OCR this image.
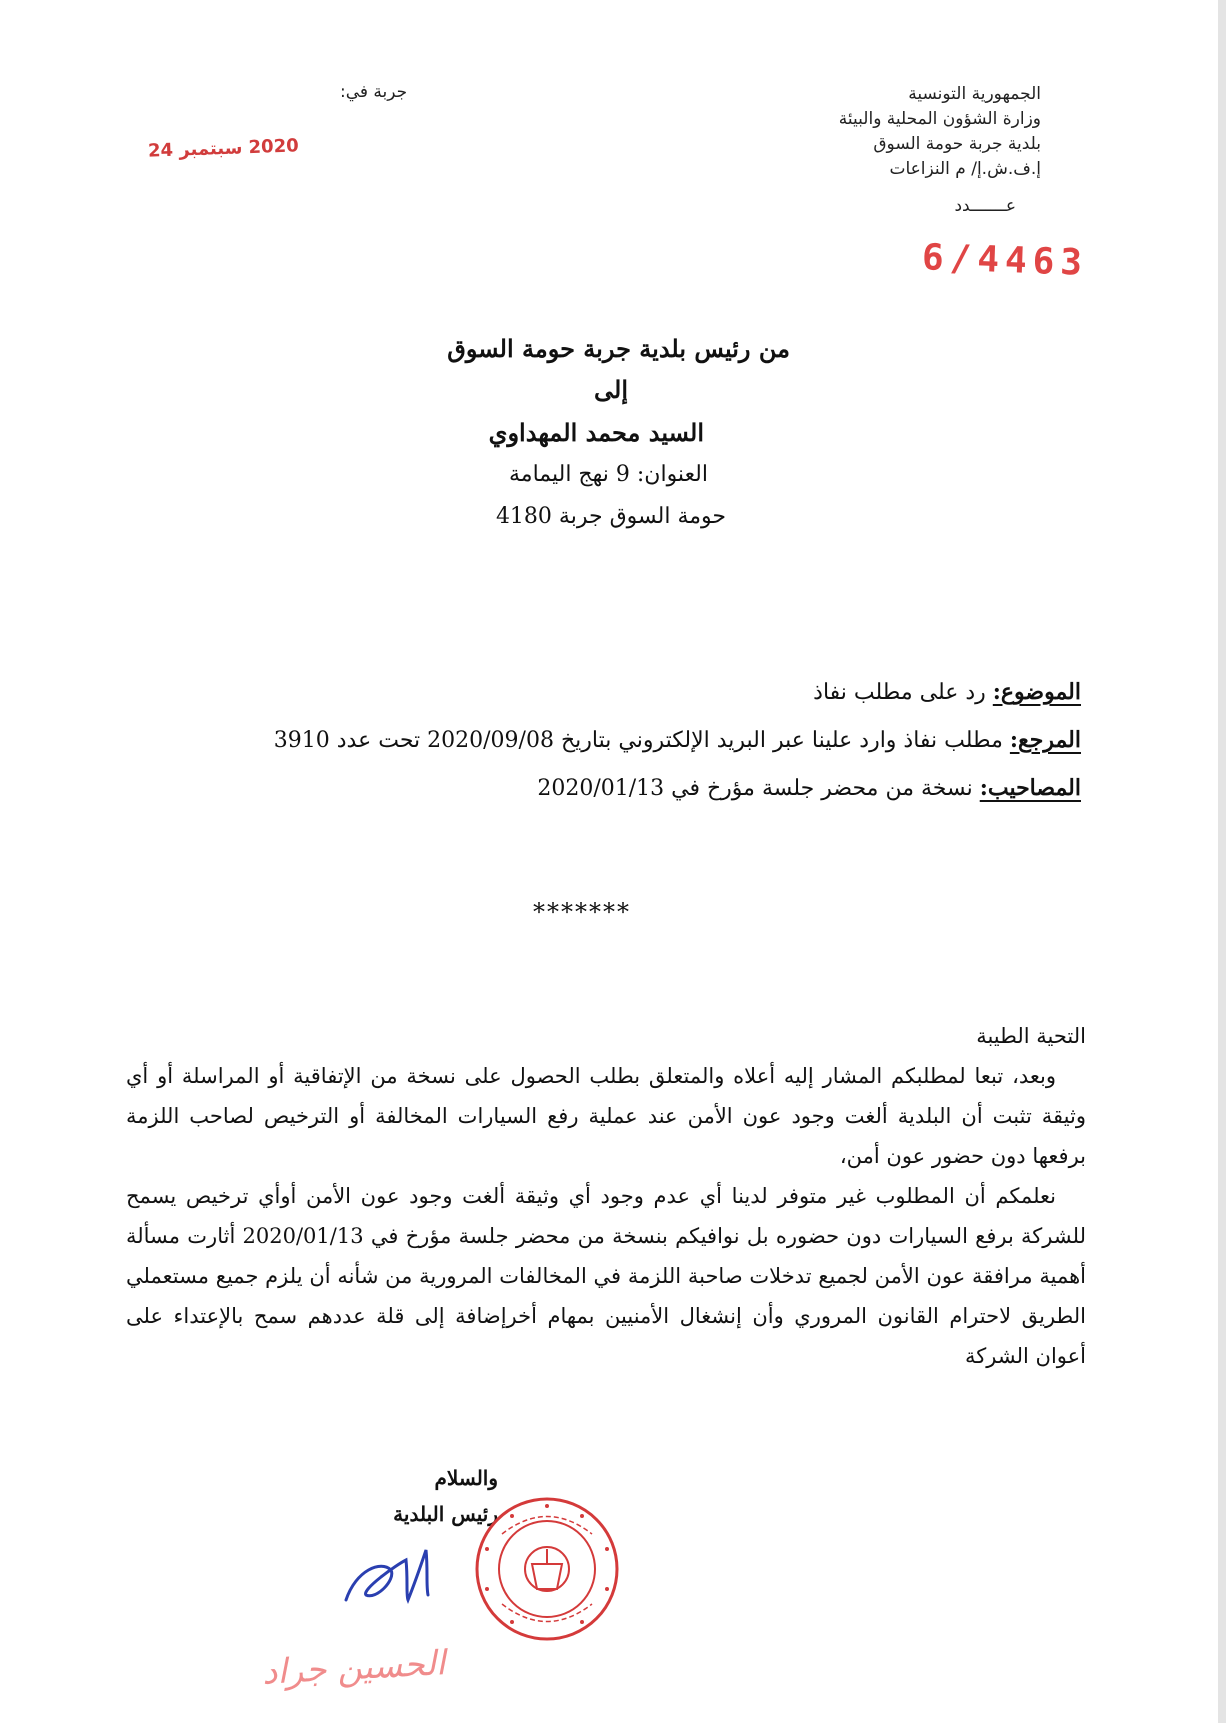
الجمهورية التونسية
وزارة الشؤون المحلية والبيئة
بلدية جربة حومة السوق
إ.ف.ش.إ/ م النزاعات
عـــــــدد
6/4463
جربة في:
2020 سبتمبر 24
من رئيس بلدية جربة حومة السوق
إلى
السيد محمد المهداوي
العنوان: 9 نهج اليمامة
حومة السوق جربة 4180
الموضوع: رد على مطلب نفاذ
المرجع: مطلب نفاذ وارد علينا عبر البريد الإلكتروني بتاريخ 2020/09/08 تحت عدد 3910
المصاحيب: نسخة من محضر جلسة مؤرخ في 2020/01/13
*******
التحية الطيبة
وبعد، تبعا لمطلبكم المشار إليه أعلاه والمتعلق بطلب الحصول على نسخة من الإتفاقية أو المراسلة أو أي وثيقة تثبت أن البلدية ألغت وجود عون الأمن عند عملية رفع السيارات المخالفة أو الترخيص لصاحب اللزمة برفعها دون حضور عون أمن،
نعلمكم أن المطلوب غير متوفر لدينا أي عدم وجود أي وثيقة ألغت وجود عون الأمن أوأي ترخيص يسمح للشركة برفع السيارات دون حضوره بل نوافيكم بنسخة من محضر جلسة مؤرخ في 2020/01/13 أثارت مسألة أهمية مرافقة عون الأمن لجميع تدخلات صاحبة اللزمة في المخالفات المرورية من شأنه أن يلزم جميع مستعملي الطريق لاحترام القانون المروري وأن إنشغال الأمنيين بمهام أخرإضافة إلى قلة عددهم سمح بالإعتداء على أعوان الشركة
والسلام
رئيس البلدية
الحسين جراد
